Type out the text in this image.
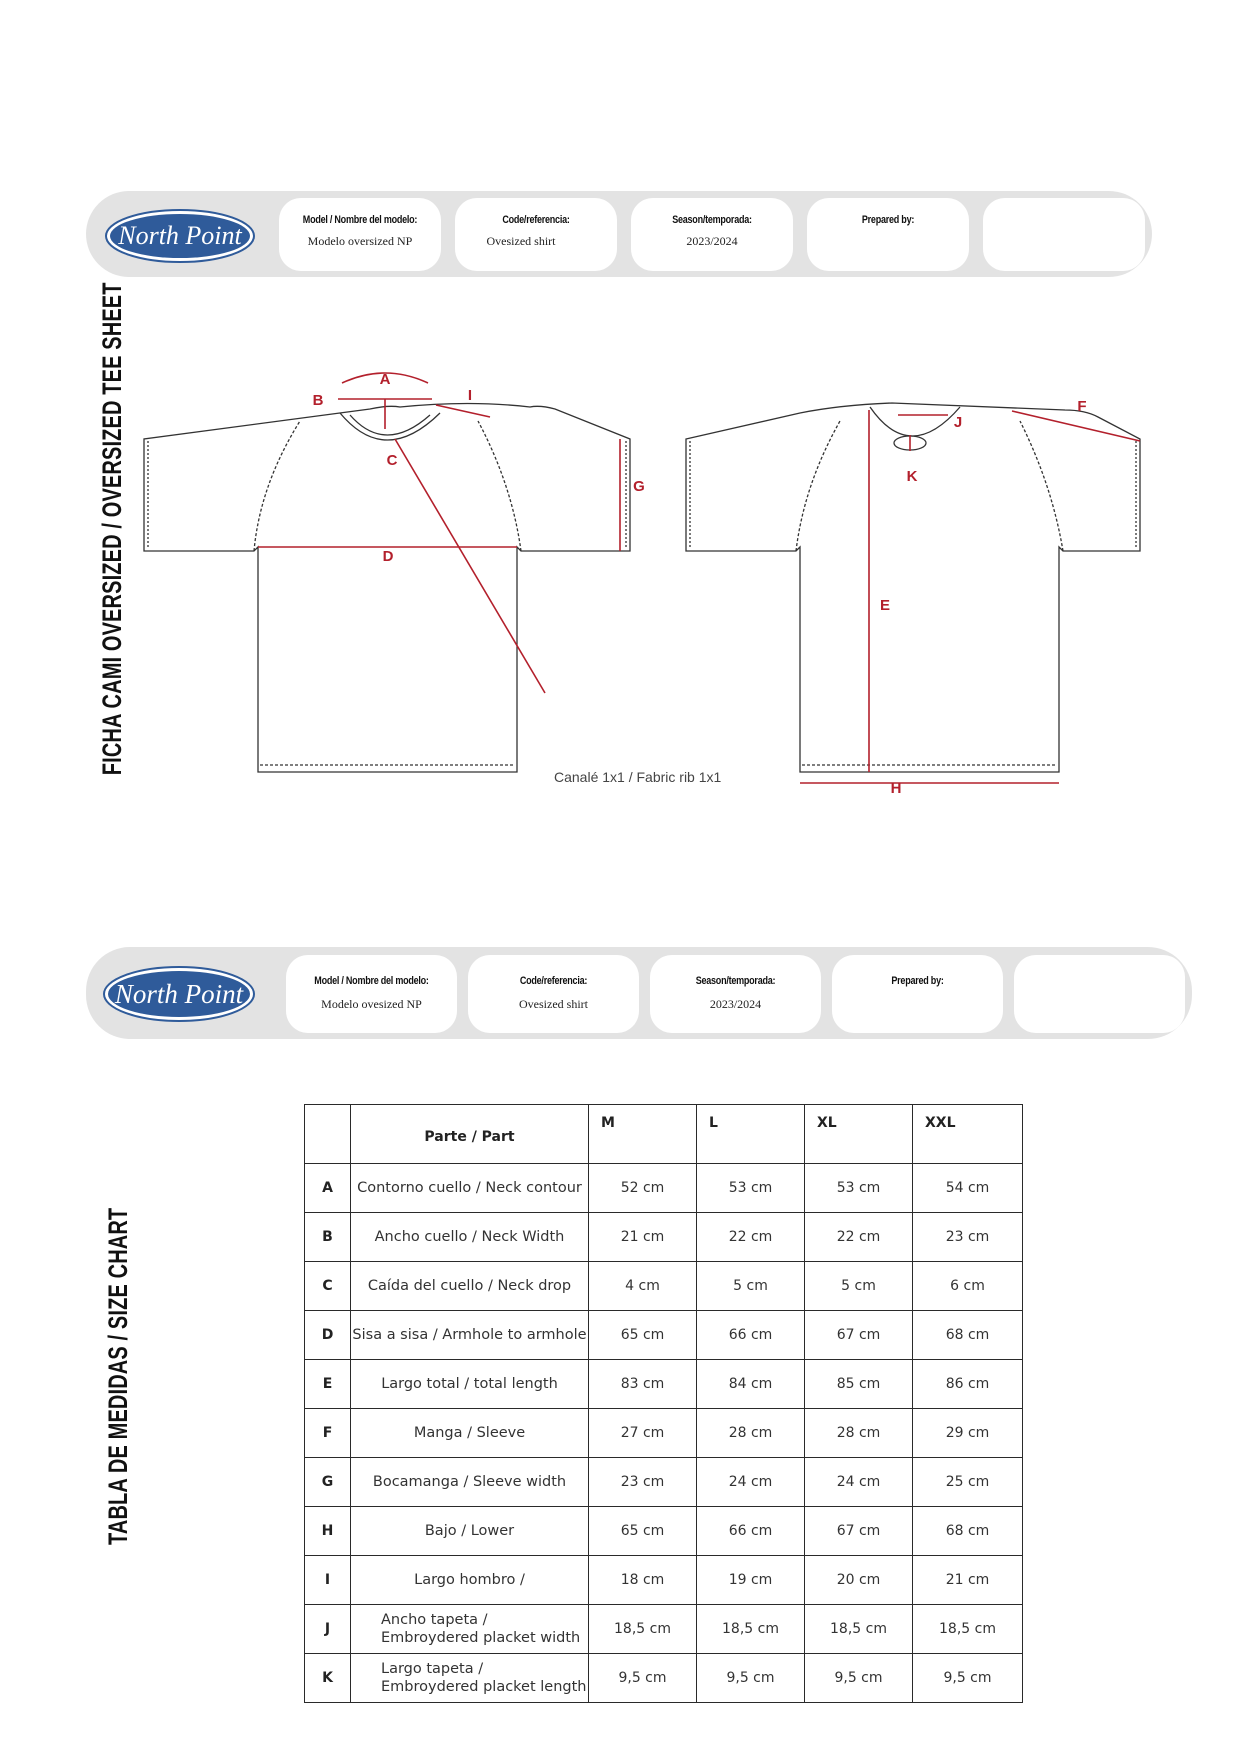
North Point
Model / Nombre del modelo:
Modelo oversized NP
Code/referencia:
Ovesized shirt
Season/temporada:
2023/2024
Prepared by:
FICHA CAMI OVERSIZED / OVERSIZED TEE SHEET
TABLA DE MEDIDAS / SIZE CHART
A
B
C
D
E
F
G
H
I
J
K
Canalé 1x1 / Fabric rib 1x1
North Point	Model / Nombre del modelo:
Modelo ovesized NP
Code/referencia:
Ovesized shirt
Season/temporada:
2023/2024
Prepared by:
	Parte / Part	M	L	XL	XXL
A	Contorno cuello / Neck contour	52 cm	53 cm	53 cm	54 cm
B	Ancho cuello / Neck Width	21 cm	22 cm	22 cm	23 cm
C	Caída del cuello / Neck drop	4 cm	5 cm	5 cm	6 cm
D	Sisa a sisa / Armhole to armhole	65 cm	66 cm	67 cm	68 cm
E	Largo total / total length	83 cm	84 cm	85 cm	86 cm
F	Manga / Sleeve	27 cm	28 cm	28 cm	29 cm
G	Bocamanga / Sleeve width	23 cm	24 cm	24 cm	25 cm
H	Bajo / Lower	65 cm	66 cm	67 cm	68 cm
I	Largo hombro /	18 cm	19 cm	20 cm	21 cm
J	Ancho tapeta /
Embroydered placket width	18,5 cm	18,5 cm	18,5 cm	18,5 cm
K	Largo tapeta /
Embroydered placket length	9,5 cm	9,5 cm	9,5 cm	9,5 cm
